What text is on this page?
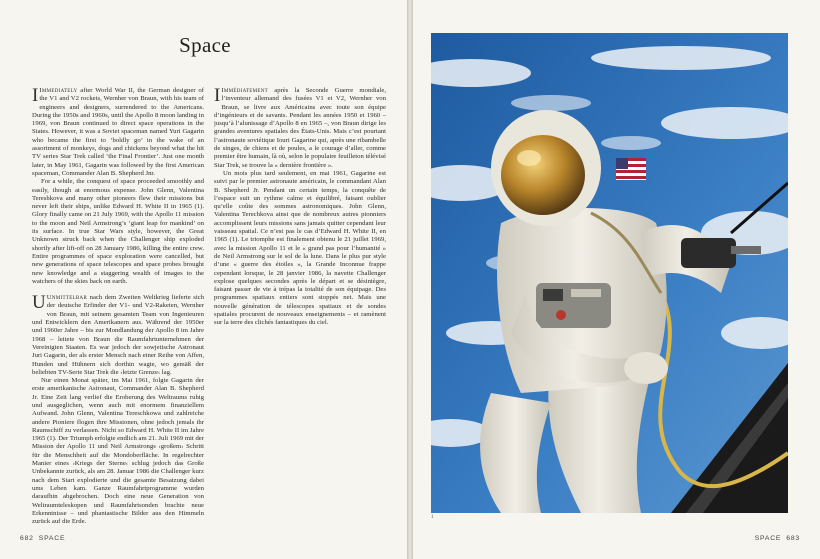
Space

I Immediately after World War II, the German designer of the V1 and V2 rockets, Wernher von Braun, with his team of engineers and designers, surrendered to the Americans. During the 1950s and 1960s, until the Apollo 8 moon landing in 1969, von Braun continued to direct space operations in the States. However, it was a Soviet spaceman named Yuri Gagarin who became the first to ‘boldly go’ in the wake of an assortment of monkeys, dogs and chickens beyond what the hit TV series Star Trek called ‘the Final Frontier’. Just one month later, in May 1961, Gagarin was followed by the first American spaceman, Commander Alan B. Shepherd Jnr.

For a while, the conquest of space proceeded smoothly and easily, though at enormous expense. John Glenn, Valentina Tereshkova and many other pioneers flew their missions but never left their ships, unlike Edward H. White II in 1965 (1). Glory finally came on 21 July 1969, with the Apollo 11 mission to the moon and Neil Armstrong’s ‘giant leap for mankind’ on its surface. In true Star Wars style, however, the Great Unknown struck back when the Challenger ship exploded shortly after lift-off on 28 January 1986, killing the entire crew. Entire programmes of space exploration were cancelled, but new generations of space telescopes and space probes brought new knowledge and a staggering wealth of images to the watchers of the skies back on earth.

U Unmittelbar nach dem Zweiten Weltkrieg lieferte sich der deutsche Erfinder der V1- und V2-Raketen, Wernher von Braun, mit seinem gesamten Team von Ingenieuren und Entwicklern den Amerikanern aus. Während der 1950er und 1960er Jahre – bis zur Mondlandung der Apollo 8 im Jahre 1968 – leitete von Braun die Raumfahrtunternehmen der Vereinigten Staaten. Es war jedoch der sowjetische Astronaut Juri Gagarin, der als erster Mensch nach einer Reihe von Affen, Hunden und Hühnern sich dorthin wagte, wo gemäß der beliebten TV-Serie Star Trek die ›letzte Grenze‹ lag.

Nur einen Monat später, im Mai 1961, folgte Gagarin der erste amerikanische Astronaut, Commander Alan B. Shepherd Jr. Eine Zeit lang verlief die Eroberung des Weltraums ruhig und ausgeglichen, wenn auch mit enormem finanziellem Aufwand. John Glenn, Valentina Tereschkowa und zahlreiche andere Pioniere flogen ihre Missionen, ohne jedoch jemals ihr Raumschiff zu verlassen. Nicht so Edward H. White II im Jahre 1965 (1). Der Triumph erfolgte endlich am 21. Juli 1969 mit der Mission der Apollo 11 und Neil Armstrongs ›großem‹ Schritt für die Menschheit auf die Mondoberfläche. In regelrechter Manier eines ›Kriegs der Sterne‹ schlug jedoch das Große Unbekannte zurück, als am 28. Januar 1986 die Challenger kurz nach dem Start explodierte und die gesamte Besatzung dabei ums Leben kam. Ganze Raumfahrtprogramme wurden daraufhin abgebrochen. Doch eine neue Generation von Weltraumteleskopen und Raumfahrtsonden brachte neue Erkenntnisse – und phantastische Bilder aus den Himmeln zurück auf die Erde.

I Immédiatement après la Seconde Guerre mondiale, l’inventeur allemand des fusées V1 et V2, Wernher von Braun, se livre aux Américains avec toute son équipe d’ingénieurs et de savants. Pendant les années 1950 et 1960 – jusqu’à l’alunissage d’Apollo 8 en 1965 –, von Braun dirige les grandes aventures spatiales des États-Unis. Mais c’est pourtant l’astronaute soviétique Iouri Gagarine qui, après une ribambelle de singes, de chiens et de poules, a le courage d’aller, comme premier être humain, là où, selon le populaire feuilleton télévisé Star Trek, se trouve la « dernière frontière ».

Un mois plus tard seulement, en mai 1961, Gagarine est suivi par le premier astronaute américain, le commandant Alan B. Shepherd Jr. Pendant un certain temps, la conquête de l’espace suit un rythme calme et équilibré, faisant oublier qu’elle coûte des sommes astronomiques. John Glenn, Valentina Terechkova ainsi que de nombreux autres pionniers accomplissent leurs missions sans jamais quitter cependant leur vaisseau spatial. Ce n’est pas le cas d’Edward H. White II, en 1965 (1). Le triomphe est finalement obtenu le 21 juillet 1969, avec la mission Apollo 11 et le « grand pas pour l’humanité » de Neil Armstrong sur le sol de la lune. Dans le plus pur style d’une « guerre des étoiles », la Grande Inconnue frappe cependant lorsque, le 28 janvier 1986, la navette Challenger explose quelques secondes après le départ et se désintègre, faisant passer de vie à trépas la totalité de son équipage. Des programmes spatiaux entiers sont stoppés net. Mais une nouvelle génération de télescopes spatiaux et de sondes spatiales procurent de nouveaux enseignements – et ramènent sur la terre des clichés fantastiques du ciel.

682 SPACE	SPACE 683
1
